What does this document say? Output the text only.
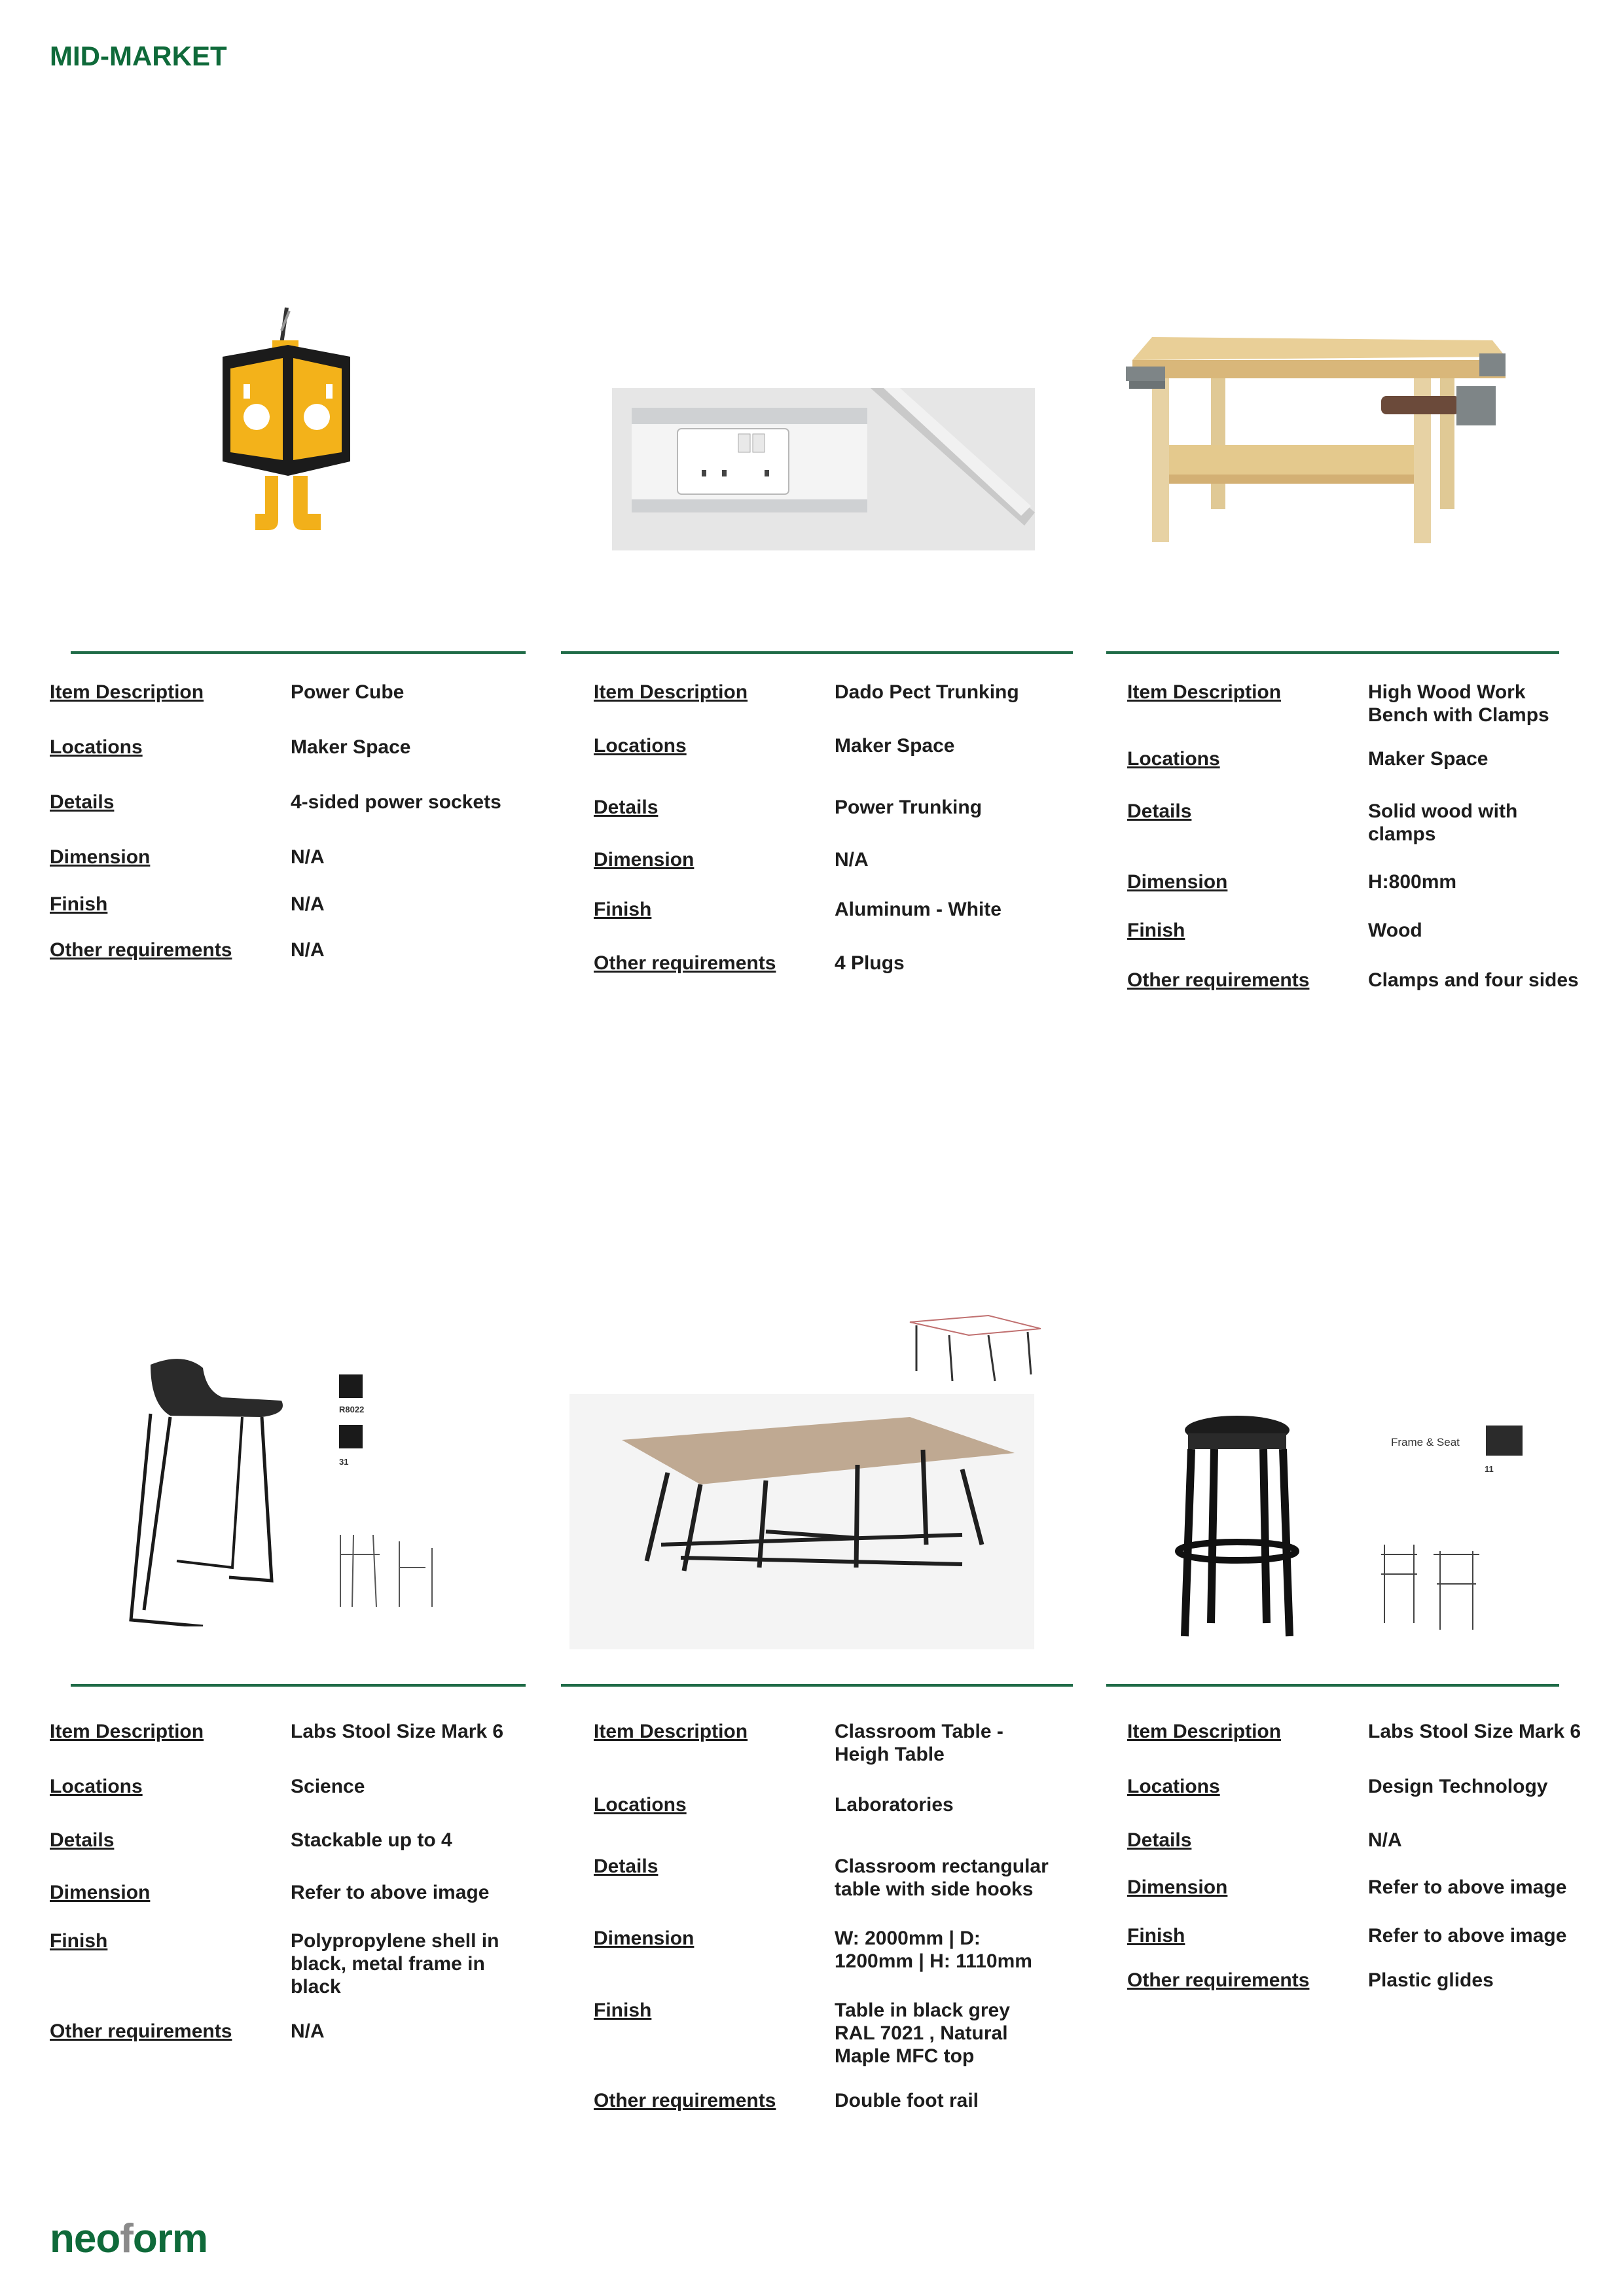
MID-MARKET
R8022
31
Frame & Seat
11
Item Description	Power Cube
Locations	Maker Space
Details	4-sided power sockets
Dimension	N/A
Finish	N/A
Other requirements	N/A
Item Description	Dado Pect Trunking
Locations	Maker Space
Details	Power Trunking
Dimension	N/A
Finish	Aluminum - White
Other requirements	4 Plugs
Item Description	High Wood Work Bench with Clamps
Locations	Maker Space
Details	Solid wood with clamps
Dimension	H:800mm
Finish	Wood
Other requirements	Clamps and four sides
Item Description	Labs Stool Size Mark 6
Locations	Science
Details	Stackable up to 4
Dimension	Refer to above image
Finish	Polypropylene shell in black, metal frame in black
Other requirements	N/A
Item Description	Classroom Table - Heigh Table
Locations	Laboratories
Details	Classroom rectangular table with side hooks
Dimension	W: 2000mm | D: 1200mm | H: 1110mm
Finish	Table in black grey RAL 7021 , Natural Maple MFC top
Other requirements	Double foot rail
Item Description	Labs Stool Size Mark 6
Locations	Design Technology
Details	N/A
Dimension	Refer to above image
Finish	Refer to above image
Other requirements	Plastic glides
neoform
